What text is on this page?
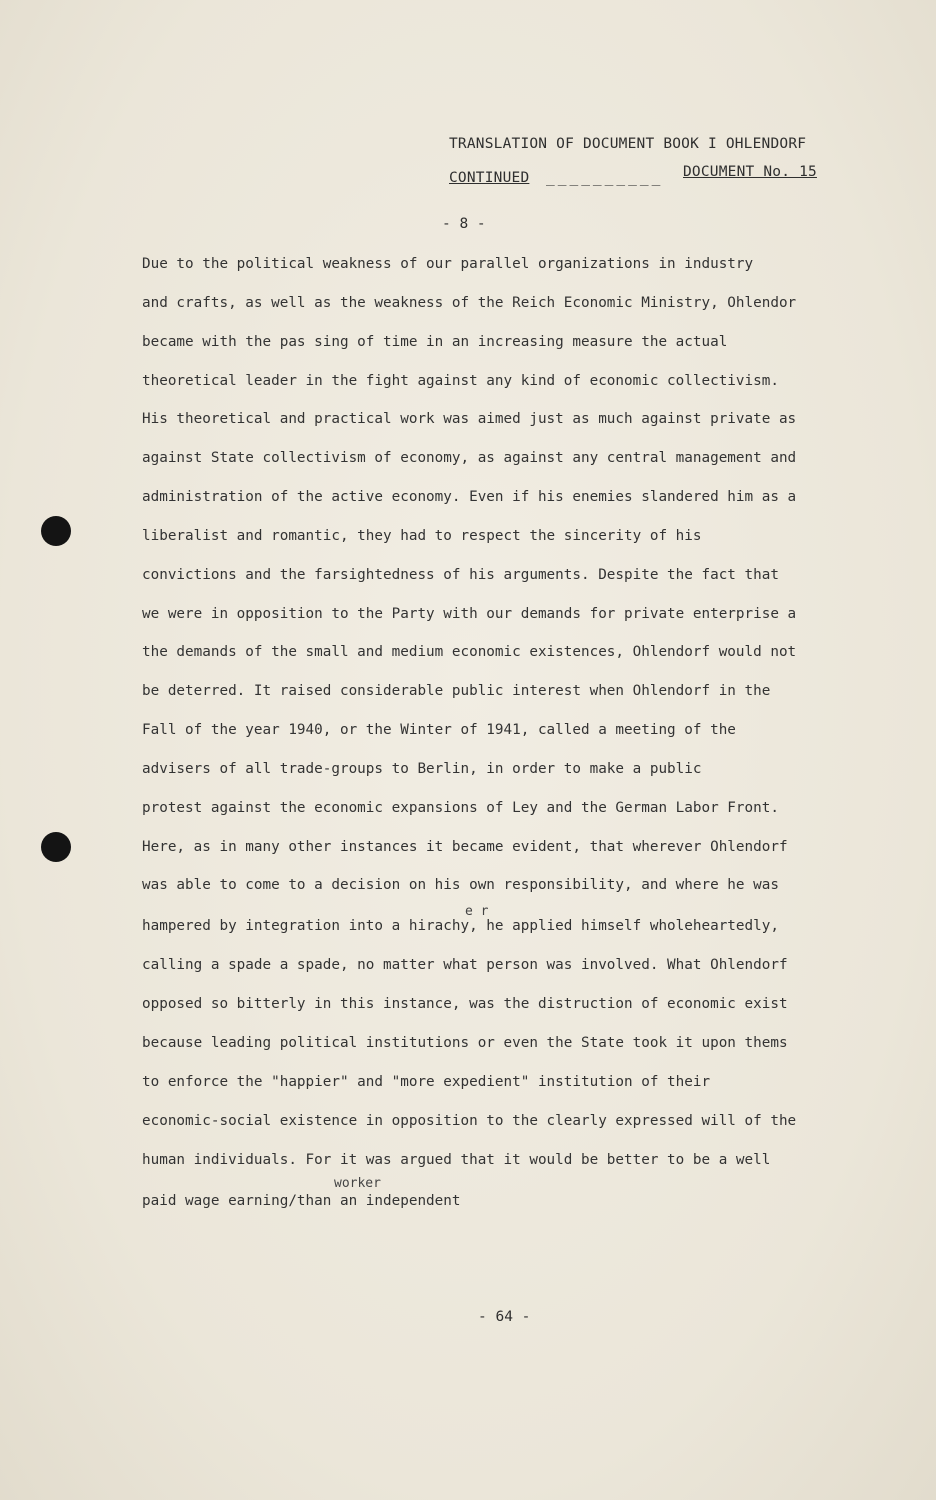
TRANSLATION OF DOCUMENT BOOK I OHLENDORF
CONTINUED __________ DOCUMENT No. 15
- 8 -
Due to the political weakness of our parallel organizations in industry
and crafts, as well as the weakness of the Reich Economic Ministry, Ohlendor
became with the pas sing of time in an increasing measure the actual
theoretical leader in the fight against any kind of economic collectivism.
His theoretical and practical work was aimed just as much against private as
against State collectivism of economy, as against any central management and
administration of the active economy. Even if his enemies slandered him as a
liberalist and romantic, they had to respect the sincerity of his
convictions and the farsightedness of his arguments. Despite the fact that
we were in opposition to the Party with our demands for private enterprise a
the demands of the small and medium economic existences, Ohlendorf would not
be deterred. It raised considerable public interest when Ohlendorf in the
Fall of the year 1940, or the Winter of 1941, called a meeting of the
advisers of all trade-groups to Berlin, in order to make a public
protest against the economic expansions of Ley and the German Labor Front.
Here, as in many other instances it became evident, that wherever Ohlendorf
was able to come to a decision on his own responsibility, and where he was
hampered by integration into a hirachy, he applied himself wholeheartedly,
calling a spade a spade, no matter what person was involved. What Ohlendorf
opposed so bitterly in this instance, was the distruction of economic exist
because leading political institutions or even the State took it upon thems
to enforce the "happier" and "more expedient" institution of their
economic-social existence in opposition to the clearly expressed will of the
human individuals. For it was argued that it would be better to be a well
paid wage earning/than an independent
e r
worker
- 64 -
